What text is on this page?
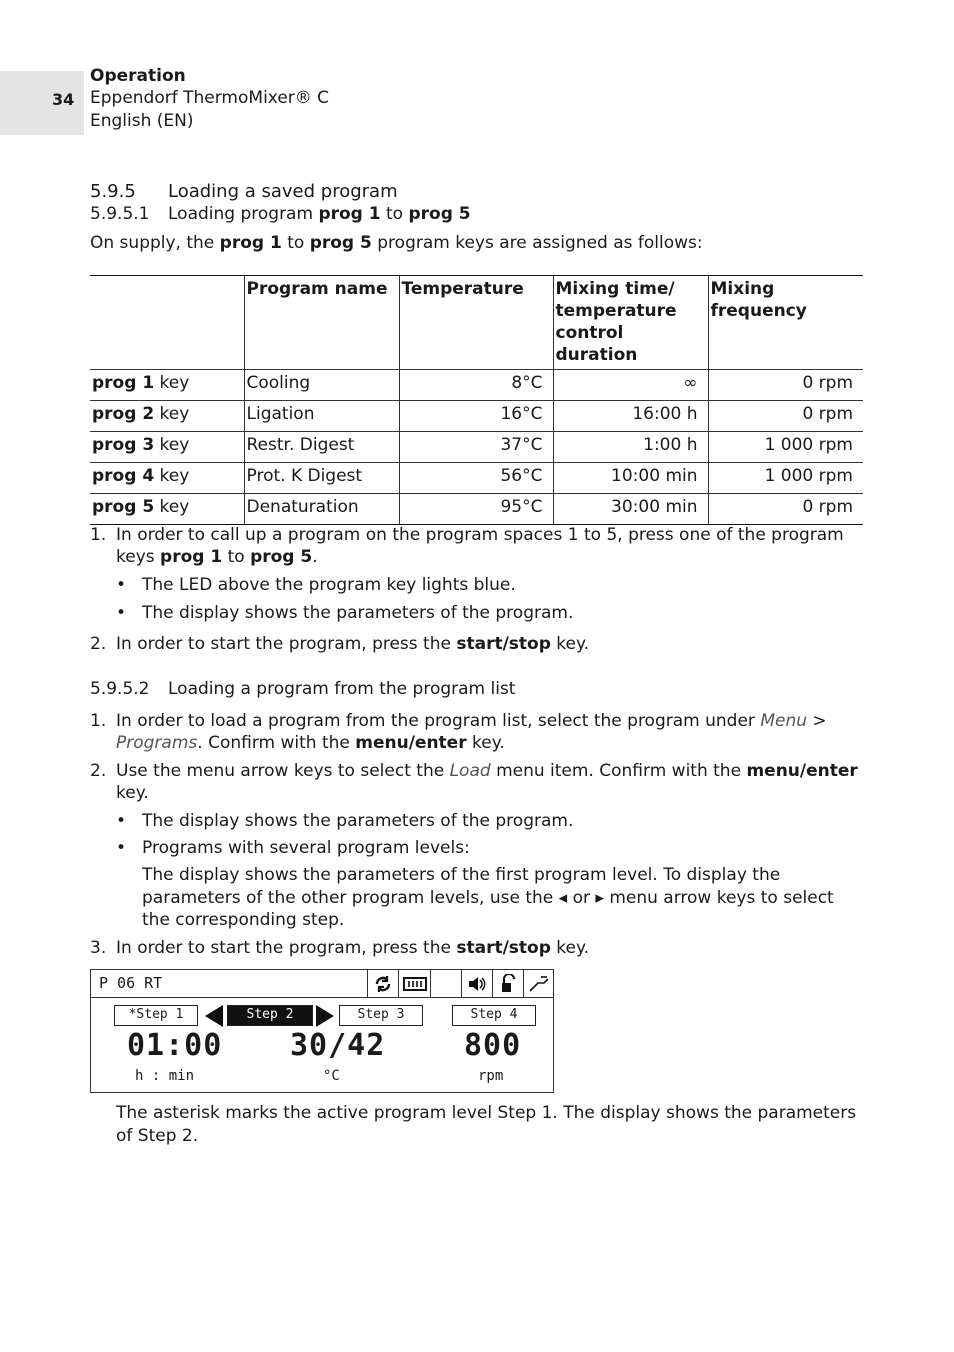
34
Operation
Eppendorf ThermoMixer® C
English (EN)
5.9.5 Loading a saved program
5.9.5.1 Loading program prog 1 to prog 5
On supply, the prog 1 to prog 5 program keys are assigned as follows:
	Program name	Temperature	Mixing time/ temperature control duration	Mixing frequency
prog 1 key	Cooling	8°C	∞	0 rpm
prog 2 key	Ligation	16°C	16:00 h	0 rpm
prog 3 key	Restr. Digest	37°C	1:00 h	1 000 rpm
prog 4 key	Prot. K Digest	56°C	10:00 min	1 000 rpm
prog 5 key	Denaturation	95°C	30:00 min	0 rpm
1. In order to call up a program on the program spaces 1 to 5, press one of the program keys prog 1 to prog 5.
• The LED above the program key lights blue.
• The display shows the parameters of the program.
2. In order to start the program, press the start/stop key.
5.9.5.2 Loading a program from the program list
1. In order to load a program from the program list, select the program under Menu > Programs. Confirm with the menu/enter key.
2. Use the menu arrow keys to select the Load menu item. Confirm with the menu/enter key.
• The display shows the parameters of the program.
• Programs with several program levels:
The display shows the parameters of the first program level. To display the parameters of the other program levels, use the ◂ or ▸ menu arrow keys to select the corresponding step.
3. In order to start the program, press the start/stop key.
P 06 RT
*Step 1	Step 2	Step 3	Step 4
01:00
h : min
30/42
°C
800
rpm
The asterisk marks the active program level Step 1. The display shows the parameters of Step 2.
